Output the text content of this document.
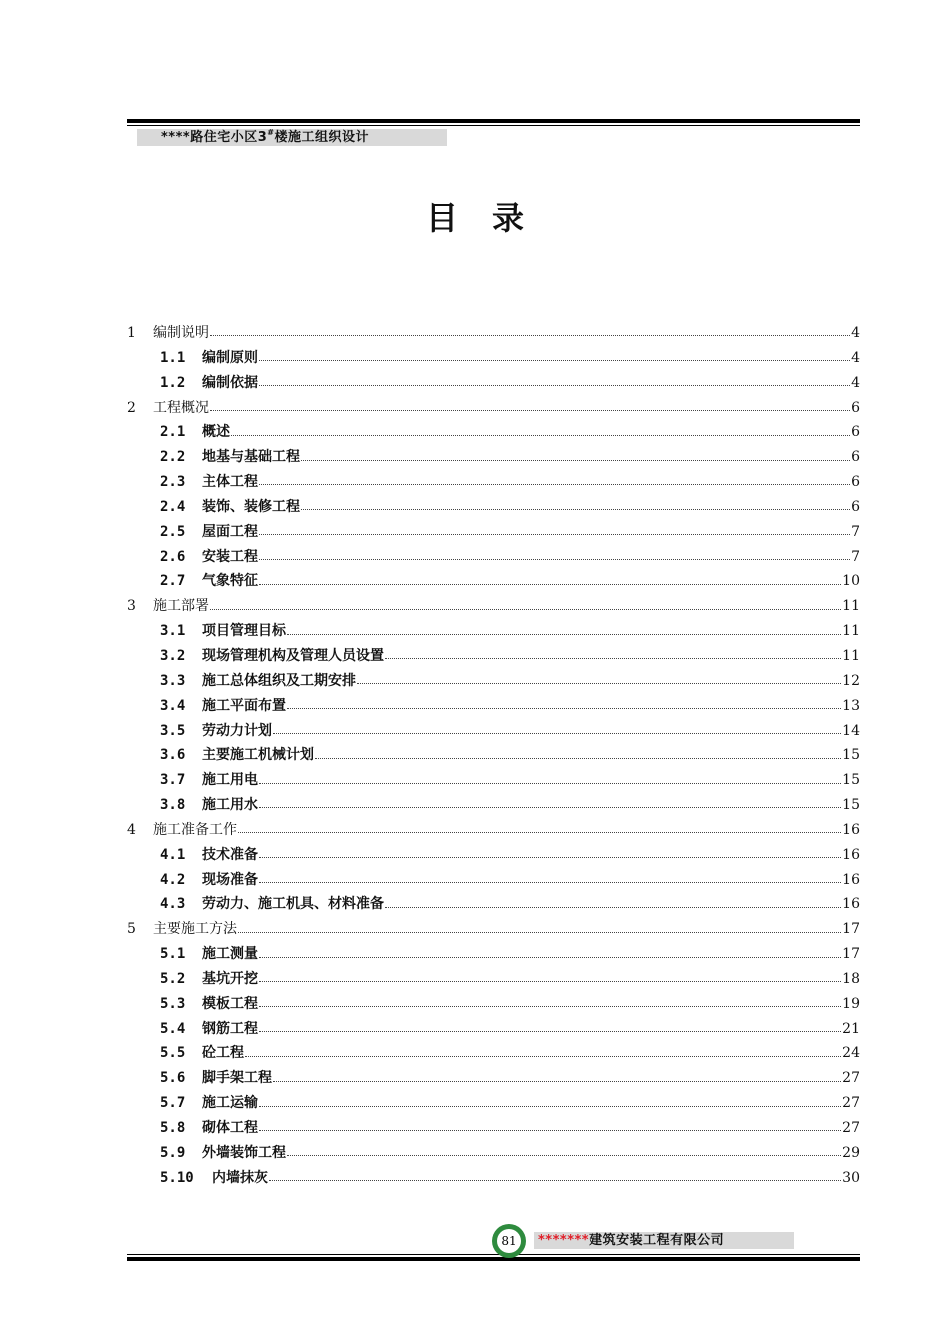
****路住宅小区3#楼施工组织设计
目录
1	编制说明	4
1.1	编制原则	4
1.2	编制依据	4
2	工程概况	6
2.1	概述	6
2.2	地基与基础工程	6
2.3	主体工程	6
2.4	装饰、装修工程	6
2.5	屋面工程	7
2.6	安装工程	7
2.7	气象特征	10
3	施工部署	11
3.1	项目管理目标	11
3.2	现场管理机构及管理人员设置	11
3.3	施工总体组织及工期安排	12
3.4	施工平面布置	13
3.5	劳动力计划	14
3.6	主要施工机械计划	15
3.7	施工用电	15
3.8	施工用水	15
4	施工准备工作	16
4.1	技术准备	16
4.2	现场准备	16
4.3	劳动力、施工机具、材料准备	16
5	主要施工方法	17
5.1	施工测量	17
5.2	基坑开挖	18
5.3	模板工程	19
5.4	钢筋工程	21
5.5	砼工程	24
5.6	脚手架工程	27
5.7	施工运输	27
5.8	砌体工程	27
5.9	外墙装饰工程	29
5.10	内墙抹灰	30
81	*******建筑安装工程有限公司
